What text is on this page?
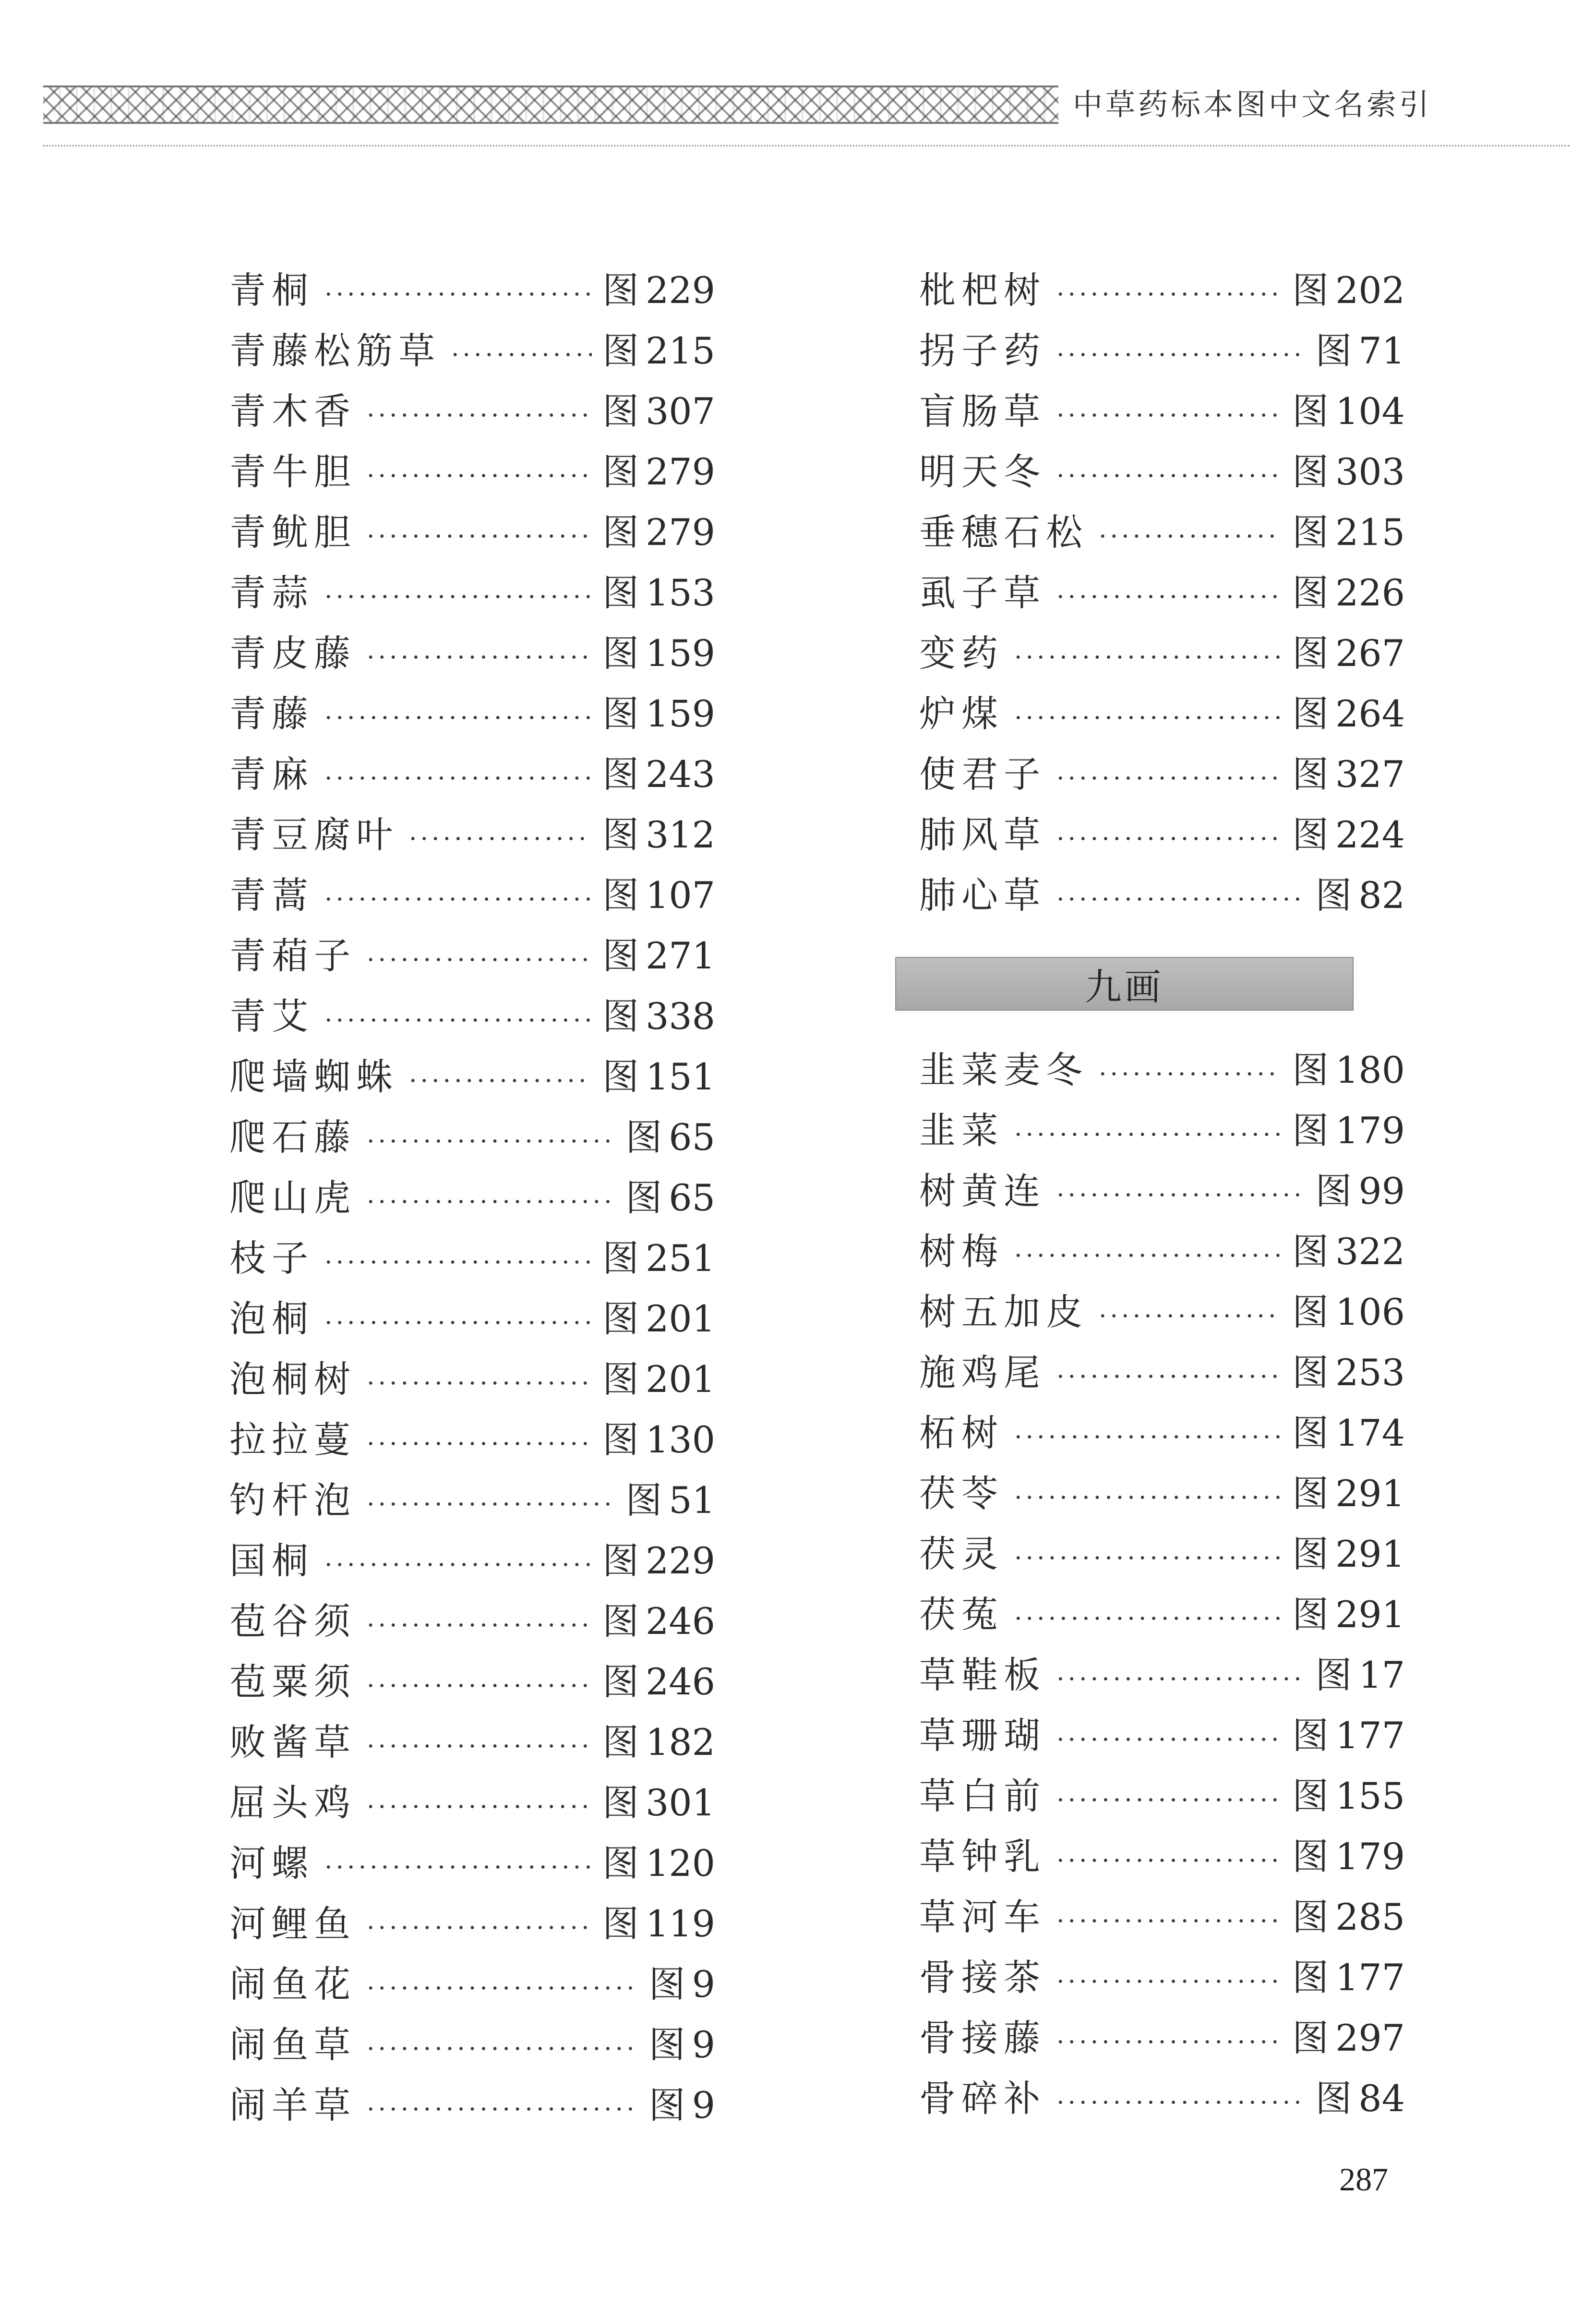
中草药标本图中文名索引
青桐 ·····	图 229
青藤松筋草 ·····	图 215
青木香 ·····	图 307
青牛胆 ·····	图 279
青鱿胆 ·····	图 279
青蒜 ·····	图 153
青皮藤 ·····	图 159
青藤 ·····	图 159
青麻 ·····	图 243
青豆腐叶 ·····	图 312
青蒿 ·····	图 107
青葙子 ·····	图 271
青艾 ·····	图 338
爬墙蜘蛛 ·····	图 151
爬石藤 ·····	图 65
爬山虎 ·····	图 65
枝子 ·····	图 251
泡桐 ·····	图 201
泡桐树 ·····	图 201
拉拉蔓 ·····	图 130
钓杆泡 ·····	图 51
国桐 ·····	图 229
苞谷须 ·····	图 246
苞粟须 ·····	图 246
败酱草 ·····	图 182
屈头鸡 ·····	图 301
河螺 ·····	图 120
河鲤鱼 ·····	图 119
闹鱼花 ·····	图 9
闹鱼草 ·····	图 9
闹羊草 ·····	图 9
枇杷树 ·····	图 202
拐子药 ·····	图 71
盲肠草 ·····	图 104
明天冬 ·····	图 303
垂穗石松 ·····	图 215
虱子草 ·····	图 226
变药 ·····	图 267
炉煤 ·····	图 264
使君子 ·····	图 327
肺风草 ·····	图 224
肺心草 ·····	图 82
九画
韭菜麦冬 ·····	图 180
韭菜 ·····	图 179
树黄连 ·····	图 99
树梅 ·····	图 322
树五加皮 ·····	图 106
施鸡尾 ·····	图 253
柘树 ·····	图 174
茯苓 ·····	图 291
茯灵 ·····	图 291
茯菟 ·····	图 291
草鞋板 ·····	图 17
草珊瑚 ·····	图 177
草白前 ·····	图 155
草钟乳 ·····	图 179
草河车 ·····	图 285
骨接茶 ·····	图 177
骨接藤 ·····	图 297
骨碎补 ·····	图 84
287
